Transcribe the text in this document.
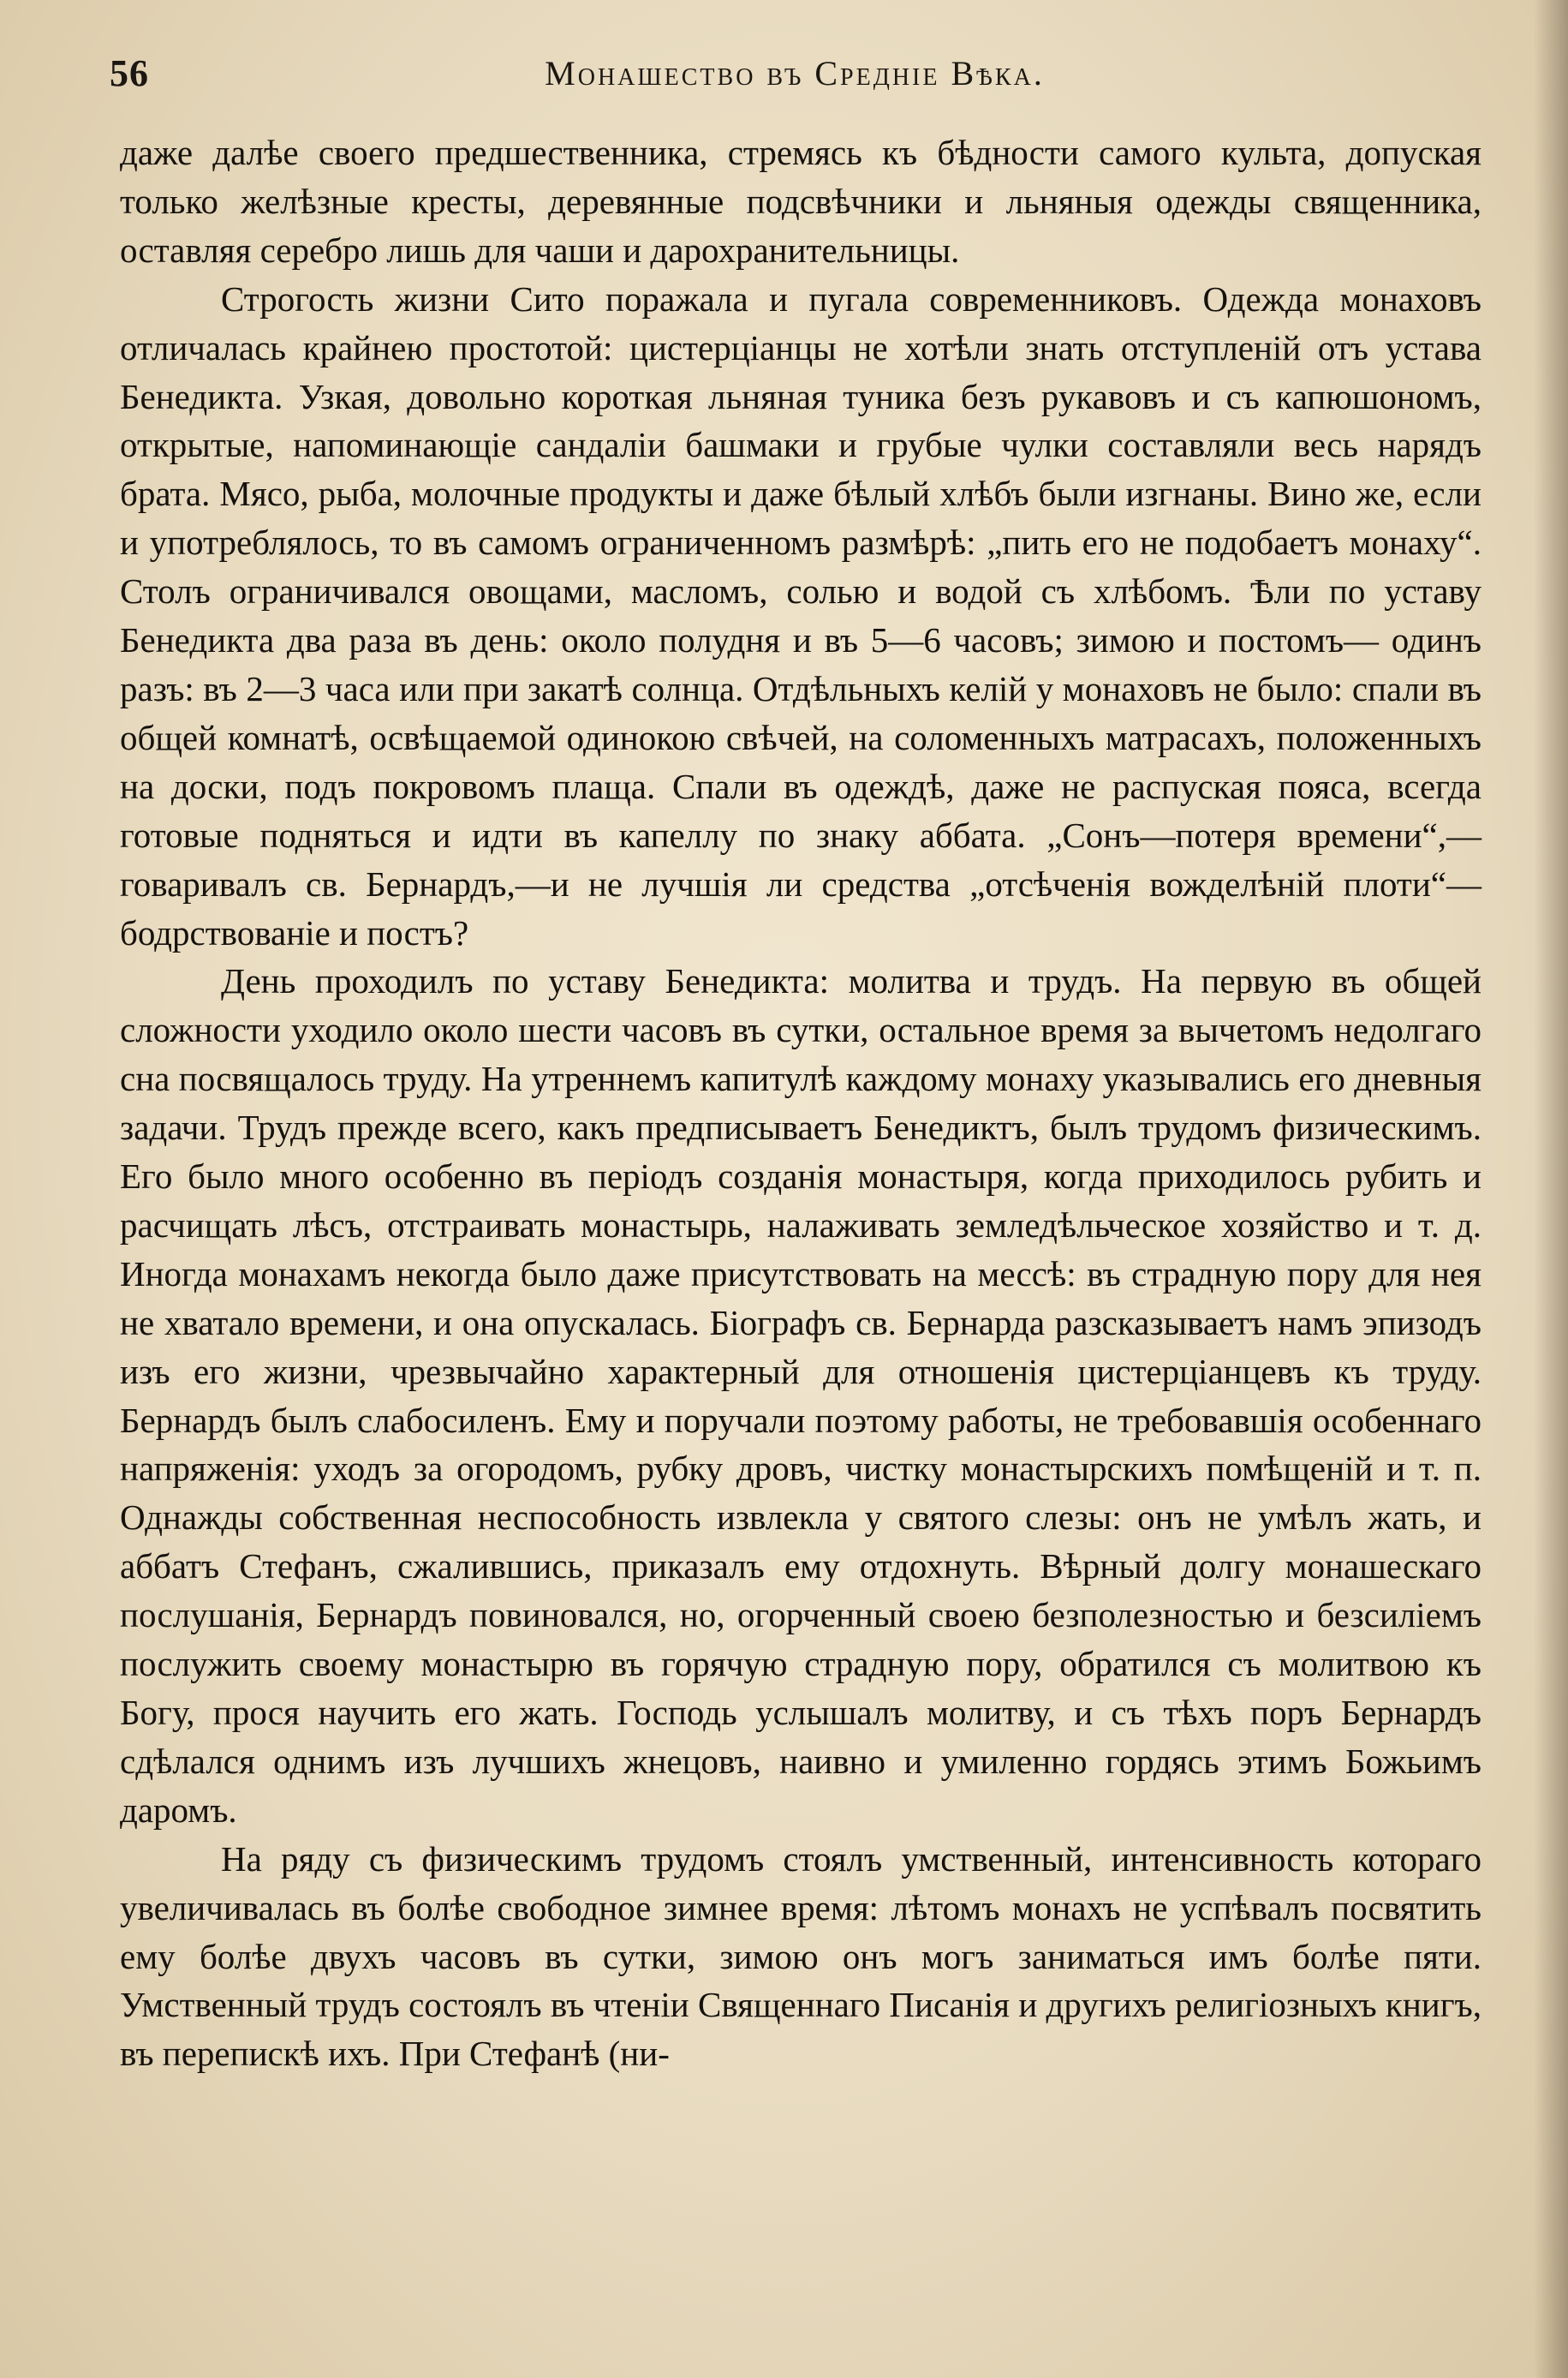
56	Монашество въ Средніе Вѣка.

даже далѣе своего предшественника, стремясь къ бѣдности самого культа, допуская только желѣзные кресты, деревянные подсвѣчники и льняныя одежды священника, оставляя серебро лишь для чаши и дарохранительницы.

Строгость жизни Сито поражала и пугала современниковъ. Одежда монаховъ отличалась крайнею простотой: цистерціанцы не хотѣли знать отступленій отъ устава Бенедикта. Узкая, довольно короткая льняная туника безъ рукавовъ и съ капюшономъ, открытые, напоминающіе сандаліи башмаки и грубые чулки составляли весь нарядъ брата. Мясо, рыба, молочные продукты и даже бѣлый хлѣбъ были изгнаны. Вино же, если и употреблялось, то въ самомъ ограниченномъ размѣрѣ: „пить его не подобаетъ монаху“. Столъ ограничивался овощами, масломъ, солью и водой съ хлѣбомъ. Ѣли по уставу Бенедикта два раза въ день: около полудня и въ 5—6 часовъ; зимою и постомъ— одинъ разъ: въ 2—3 часа или при закатѣ солнца. Отдѣльныхъ келій у монаховъ не было: спали въ общей комнатѣ, освѣщаемой одинокою свѣчей, на соломенныхъ матрасахъ, положенныхъ на доски, подъ покровомъ плаща. Спали въ одеждѣ, даже не распуская пояса, всегда готовые подняться и идти въ капеллу по знаку аббата. „Сонъ—потеря времени“,—говаривалъ св. Бернардъ,—и не лучшія ли средства „отсѣченія вожделѣній плоти“—бодрствованіе и постъ?

День проходилъ по уставу Бенедикта: молитва и трудъ. На первую въ общей сложности уходило около шести часовъ въ сутки, остальное время за вычетомъ недолгаго сна посвящалось труду. На утреннемъ капитулѣ каждому монаху указывались его дневныя задачи. Трудъ прежде всего, какъ предписываетъ Бенедиктъ, былъ трудомъ физическимъ. Его было много особенно въ періодъ созданія монастыря, когда приходилось рубить и расчищать лѣсъ, отстраивать монастырь, налаживать земледѣльческое хозяйство и т. д. Иногда монахамъ некогда было даже присутствовать на мессѣ: въ страдную пору для нея не хватало времени, и она опускалась. Біографъ св. Бернарда разсказываетъ намъ эпизодъ изъ его жизни, чрезвычайно характерный для отношенія цистерціанцевъ къ труду. Бернардъ былъ слабосиленъ. Ему и поручали поэтому работы, не требовавшія особеннаго напряженія: уходъ за огородомъ, рубку дровъ, чистку монастырскихъ помѣщеній и т. п. Однажды собственная неспособность извлекла у святого слезы: онъ не умѣлъ жать, и аббатъ Стефанъ, сжалившись, приказалъ ему отдохнуть. Вѣрный долгу монашескаго послушанія, Бернардъ повиновался, но, огорченный своею безполезностью и безсиліемъ послужить своему монастырю въ горячую страдную пору, обратился съ молитвою къ Богу, прося научить его жать. Господь услышалъ молитву, и съ тѣхъ поръ Бернардъ сдѣлался однимъ изъ лучшихъ жнецовъ, наивно и умиленно гордясь этимъ Божьимъ даромъ.

На ряду съ физическимъ трудомъ стоялъ умственный, интенсивность котораго увеличивалась въ болѣе свободное зимнее время: лѣтомъ монахъ не успѣвалъ посвятить ему болѣе двухъ часовъ въ сутки, зимою онъ могъ заниматься имъ болѣе пяти. Умственный трудъ состоялъ въ чтеніи Священнаго Писанія и другихъ религіозныхъ книгъ, въ перепискѣ ихъ. При Стефанѣ (ни-
